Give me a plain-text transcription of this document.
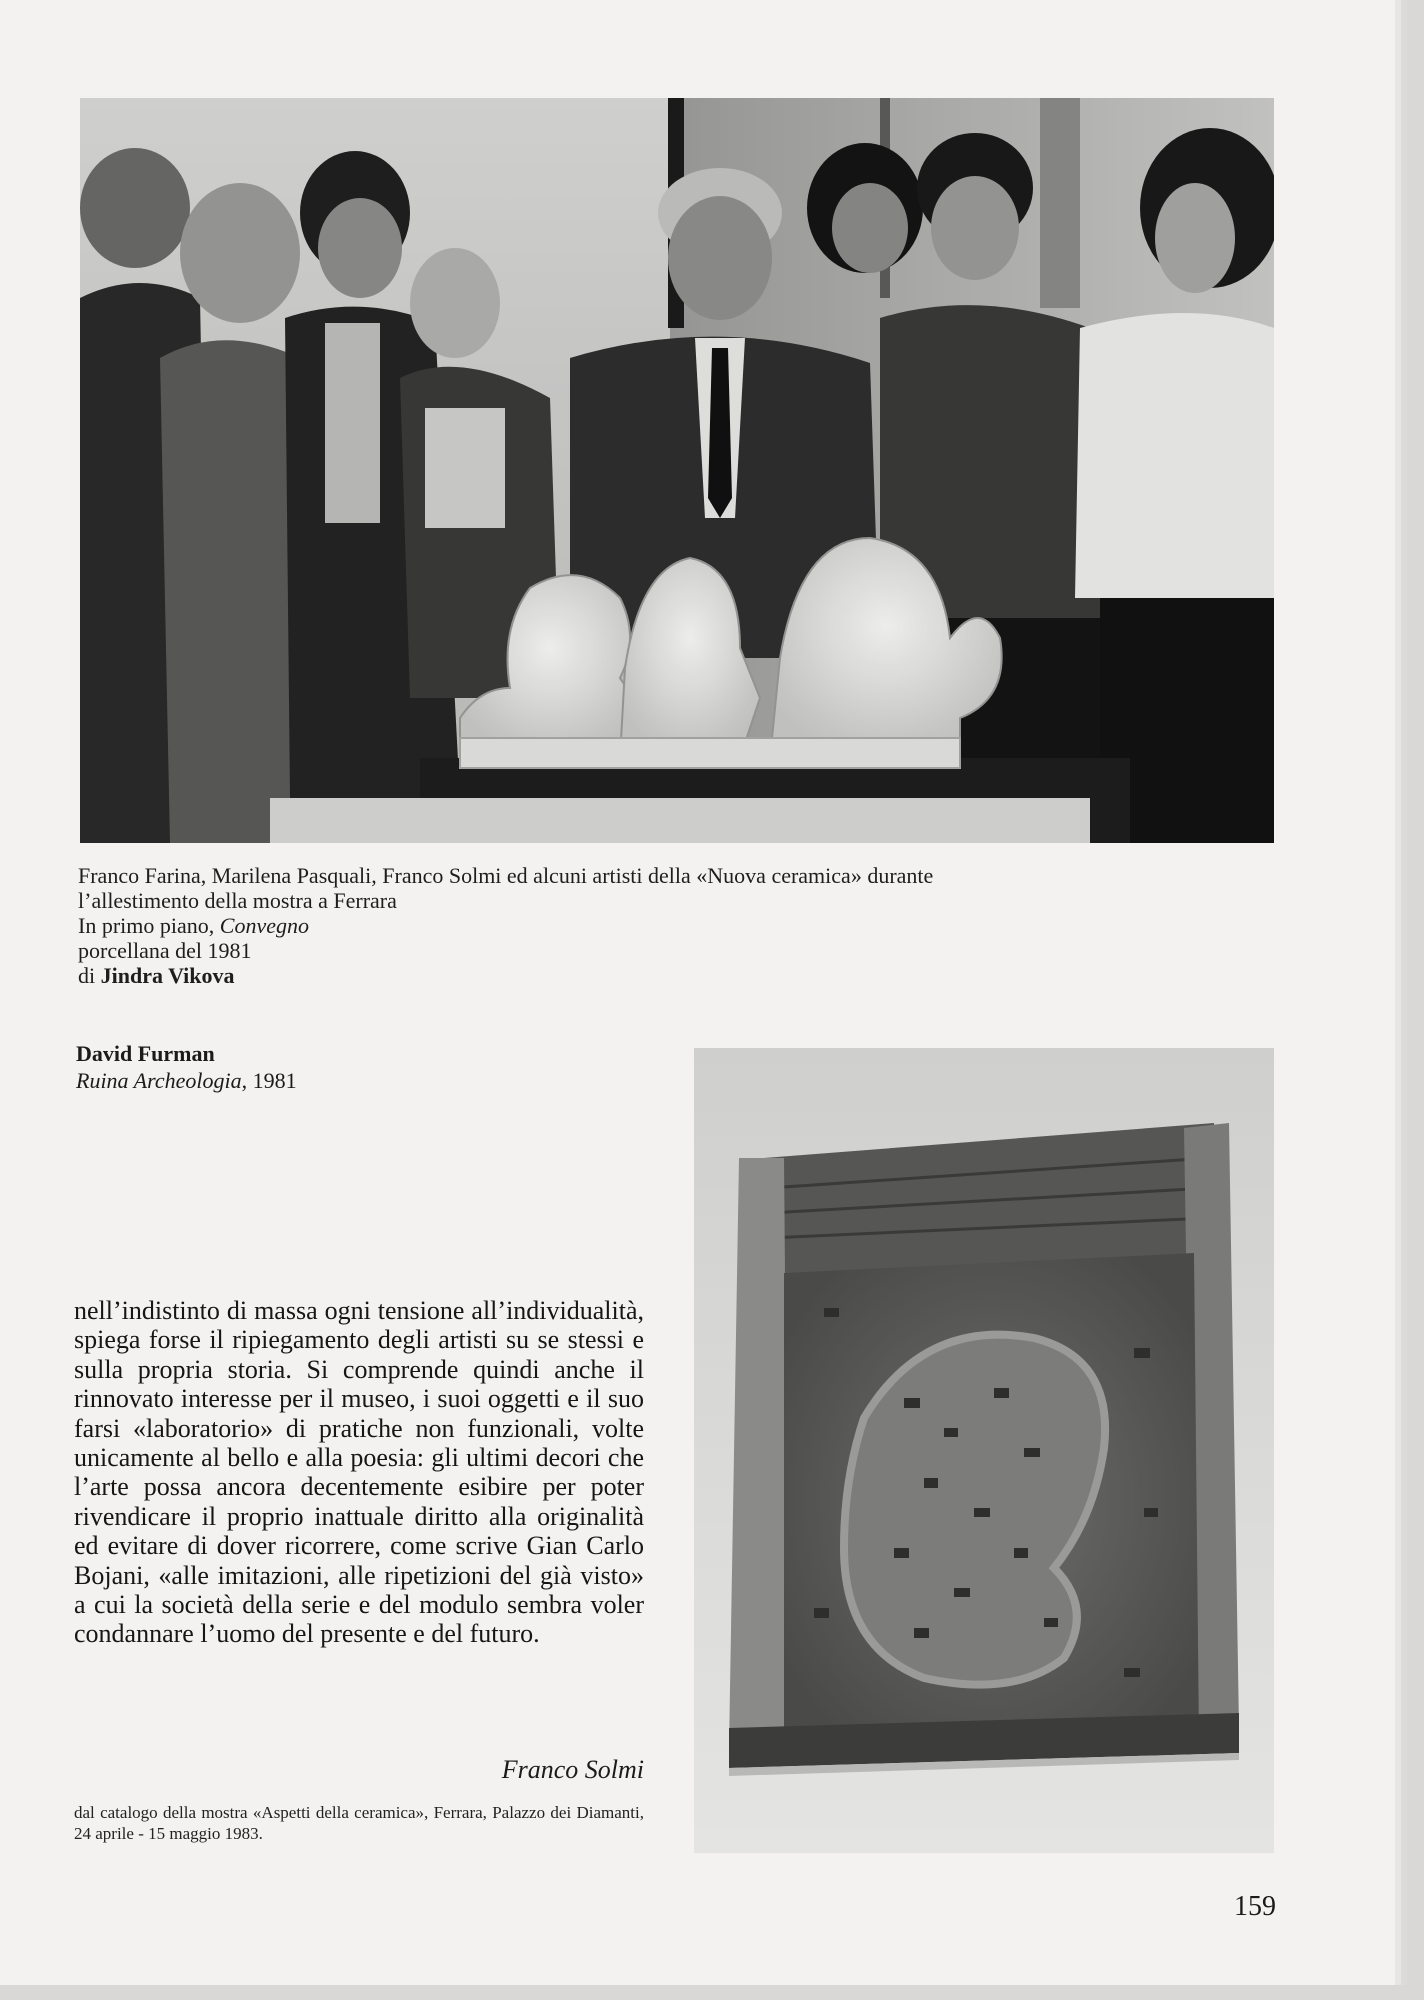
Franco Farina, Marilena Pasquali, Franco Solmi ed alcuni artisti della «Nuova ceramica» durante

l’allestimento della mostra a Ferrara

In primo piano, Convegno

porcellana del 1981

di Jindra Vikova

David Furman

Ruina Archeologia, 1981

nell’indistinto di massa ogni tensione all’individualità, spiega forse il ripiegamento degli artisti su se stessi e sulla propria storia. Si comprende quindi anche il rinnovato interesse per il museo, i suoi oggetti e il suo farsi «laboratorio» di pratiche non funzionali, volte unicamente al bello e alla poesia: gli ultimi decori che l’arte possa ancora decentemente esibire per poter rivendicare il proprio inattuale diritto alla originalità ed evitare di dover ricorrere, come scrive Gian Carlo Bojani, «alle imitazioni, alle ripetizioni del già visto» a cui la società della serie e del modulo sembra voler condannare l’uomo del presente e del futuro.

Franco Solmi

dal catalogo della mostra «Aspetti della ceramica», Ferrara, Palazzo dei Diamanti, 24 aprile - 15 maggio 1983.

159
